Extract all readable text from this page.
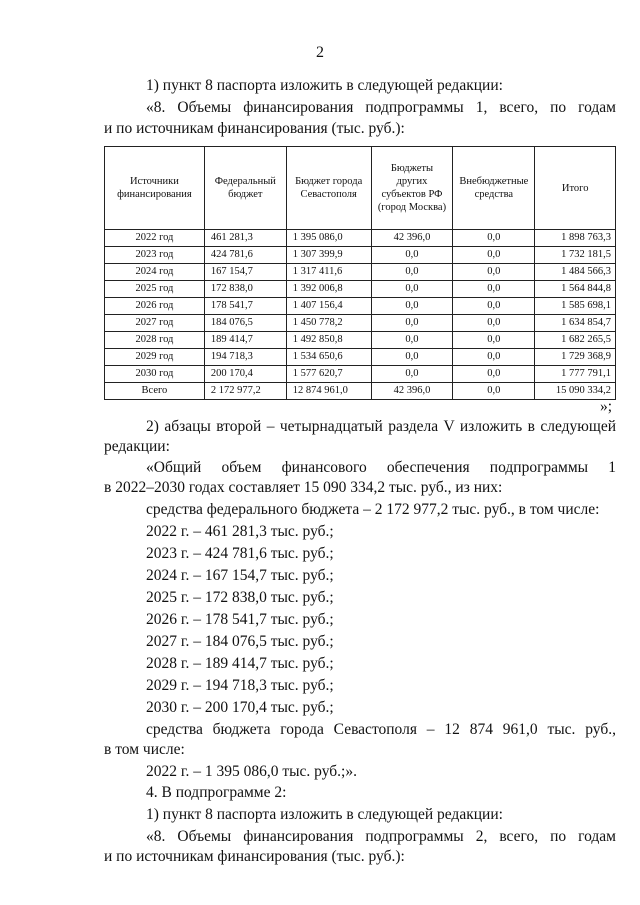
2
1) пункт 8 паспорта изложить в следующей редакции:
«8. Объемы финансирования подпрограммы 1, всего, по годам
и по источникам финансирования (тыс. руб.):
Источники финансирования	Федеральный бюджет	Бюджет города Севастополя	Бюджеты других субъектов РФ (город Москва)	Внебюджетные средства	Итого
2022 год	461 281,3	1 395 086,0	42 396,0	0,0	1 898 763,3
2023 год	424 781,6	1 307 399,9	0,0	0,0	1 732 181,5
2024 год	167 154,7	1 317 411,6	0,0	0,0	1 484 566,3
2025 год	172 838,0	1 392 006,8	0,0	0,0	1 564 844,8
2026 год	178 541,7	1 407 156,4	0,0	0,0	1 585 698,1
2027 год	184 076,5	1 450 778,2	0,0	0,0	1 634 854,7
2028 год	189 414,7	1 492 850,8	0,0	0,0	1 682 265,5
2029 год	194 718,3	1 534 650,6	0,0	0,0	1 729 368,9
2030 год	200 170,4	1 577 620,7	0,0	0,0	1 777 791,1
Всего	2 172 977,2	12 874 961,0	42 396,0	0,0	15 090 334,2
»;
2) абзацы второй – четырнадцатый раздела V изложить в следующей
редакции:
«Общий объем финансового обеспечения подпрограммы 1
в 2022–2030 годах составляет 15 090 334,2 тыс. руб., из них:
средства федерального бюджета – 2 172 977,2 тыс. руб., в том числе:
2022 г. – 461 281,3 тыс. руб.;
2023 г. – 424 781,6 тыс. руб.;
2024 г. – 167 154,7 тыс. руб.;
2025 г. – 172 838,0 тыс. руб.;
2026 г. – 178 541,7 тыс. руб.;
2027 г. – 184 076,5 тыс. руб.;
2028 г. – 189 414,7 тыс. руб.;
2029 г. – 194 718,3 тыс. руб.;
2030 г. – 200 170,4 тыс. руб.;
средства бюджета города Севастополя – 12 874 961,0 тыс. руб.,
в том числе:
2022 г. – 1 395 086,0 тыс. руб.;».
4. В подпрограмме 2:
1) пункт 8 паспорта изложить в следующей редакции:
«8. Объемы финансирования подпрограммы 2, всего, по годам
и по источникам финансирования (тыс. руб.):
